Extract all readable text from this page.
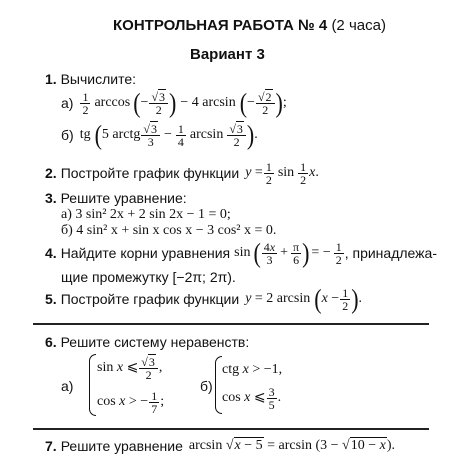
КОНТРОЛЬНАЯ РАБОТА № 4 (2 часа)
Вариант 3
1. Вычислите:
$а) \frac{1}{2}$ arccos ( − $\frac{√3}{2}$ ) − 4 arcsin ( − $\frac{√2}{2}$ ) ;
б) tg ( 5 arctg $\frac{√3}{3} - \frac{1}{4}$ $\arcsin \frac{√3}{2}$ ) .
2. Постройте график функции $y = \frac{1}{2}$ $\sin \frac{1}{2} x$.
3. Решите уравнение:
а) 3 sin² 2x + 2 sin 2x − 1 = 0;
б) 4 sin² x + sin x cos x − 3 cos² x = 0.
4. Найдите корни уравнения sin ( $\frac{4x}{3} + \frac{\pi}{6}$ ) = − $\frac{1}{2}$ , принадлежа-
щие промежутку [−2π; 2π).
5. Постройте график функции y = 2 arcsin ( $x - \frac{1}{2}$ ) .
6. Решите систему неравенств:
а)
sin x ⩽ $\frac{√3}{2}$ ,
cos x > − $\frac{1}{7}$ ;
б)
ctg x > −1,
cos x ⩽ $\frac{3}{5}$ .
7. Решите уравнение arcsin √x − 5 = arcsin (3 − √10 − x).
